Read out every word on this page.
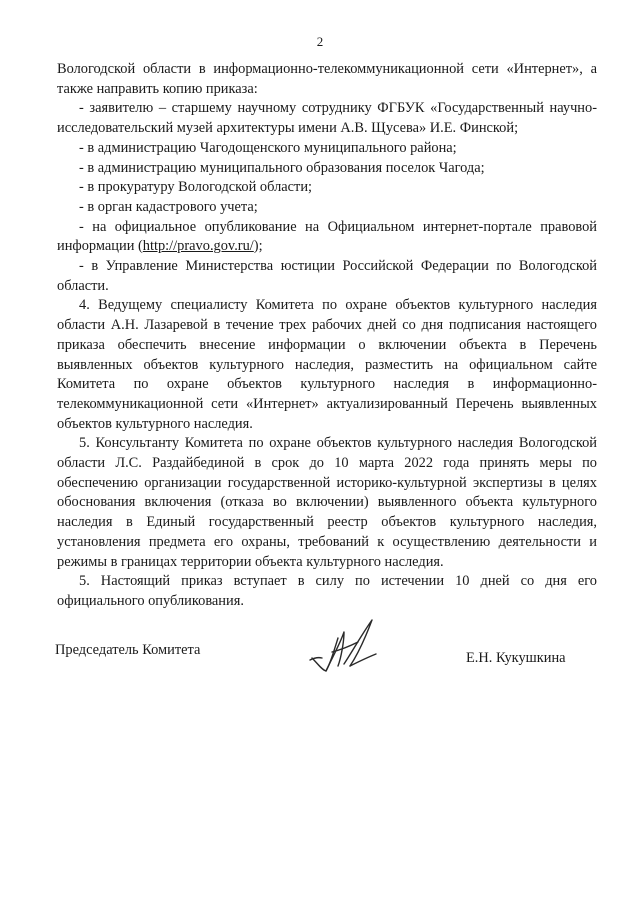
2

Вологодской области в информационно-телекоммуникационной сети «Интернет», а также направить копию приказа:

- заявителю – старшему научному сотруднику ФГБУК «Государственный научно-исследовательский музей архитектуры имени А.В. Щусева» И.Е. Финской;

- в администрацию Чагодощенского муниципального района;

- в администрацию муниципального образования поселок Чагода;

- в прокуратуру Вологодской области;

- в орган кадастрового учета;

- на официальное опубликование на Официальном интернет-портале правовой информации (http://pravo.gov.ru/);

- в Управление Министерства юстиции Российской Федерации по Вологодской области.

4. Ведущему специалисту Комитета по охране объектов культурного наследия области А.Н. Лазаревой в течение трех рабочих дней со дня подписания настоящего приказа обеспечить внесение информации о включении объекта в Перечень выявленных объектов культурного наследия, разместить на официальном сайте Комитета по охране объектов культурного наследия в информационно-телекоммуникационной сети «Интернет» актуализированный Перечень выявленных объектов культурного наследия.

5. Консультанту Комитета по охране объектов культурного наследия Вологодской области Л.С. Раздайбединой в срок до 10 марта 2022 года принять меры по обеспечению организации государственной историко-культурной экспертизы в целях обоснования включения (отказа во включении) выявленного объекта культурного наследия в Единый государственный реестр объектов культурного наследия, установления предмета его охраны, требований к осуществлению деятельности и режимы в границах территории объекта культурного наследия.

5. Настоящий приказ вступает в силу по истечении 10 дней со дня его официального опубликования.

Председатель Комитета	Е.Н. Кукушкина
